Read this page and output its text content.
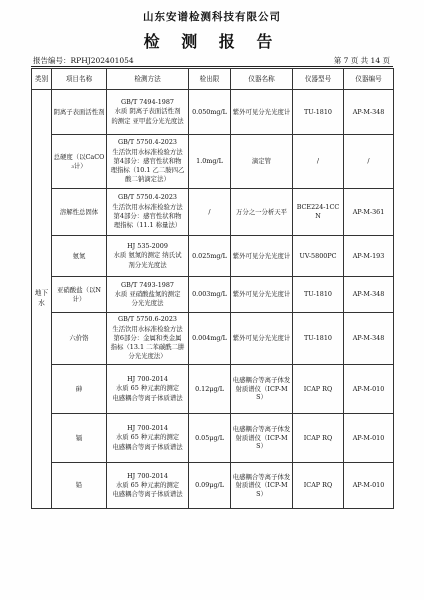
山东安谱检测科技有限公司
检 测 报 告
报告编号：RPHJ202401054	第 7 页 共 14 页
类别	项目名称	检测方法	检出限	仪器名称	仪器型号	仪器编号
地下水	阴离子表面活性剂	GB/T 7494-1987
水质 阴离子表面活性剂
的测定 亚甲蓝分光光度法	0.050mg/L	紫外可见分光光度计	TU-1810	AP-M-348
	总硬度（以CaCO₃计）	GB/T 5750.4-2023
生活饮用水标准检验方法
第4部分：感官性状和物
理指标（10.1 乙二胺四乙
酸二钠滴定法）	1.0mg/L	滴定管	/	/
	溶解性总固体	GB/T 5750.4-2023
生活饮用水标准检验方法
第4部分：感官性状和物
理指标（11.1 称量法）	/	万分之一分析天平	BCE224-1CCN	AP-M-361
	氨氮	HJ 535-2009
水质 氨氮的测定 纳氏试
剂分光光度法	0.025mg/L	紫外可见分光光度计	UV-5800PC	AP-M-193
	亚硝酸盐（以N计）	GB/T 7493-1987
水质 亚硝酸盐氮的测定
分光光度法	0.003mg/L	紫外可见分光光度计	TU-1810	AP-M-348
	六价铬	GB/T 5750.6-2023
生活饮用水标准检验方法
第6部分：金属和类金属
指标（13.1 二苯碳酰二肼
分光光度法）	0.004mg/L	紫外可见分光光度计	TU-1810	AP-M-348
	砷	HJ 700-2014
水质 65 种元素的测定
电感耦合等离子体质谱法	0.12μg/L	电感耦合等离子体发射质谱仪（ICP-MS）	ICAP RQ	AP-M-010
	镉	HJ 700-2014
水质 65 种元素的测定
电感耦合等离子体质谱法	0.05μg/L	电感耦合等离子体发射质谱仪（ICP-MS）	ICAP RQ	AP-M-010
	铅	HJ 700-2014
水质 65 种元素的测定
电感耦合等离子体质谱法	0.09μg/L	电感耦合等离子体发射质谱仪（ICP-MS）	ICAP RQ	AP-M-010
